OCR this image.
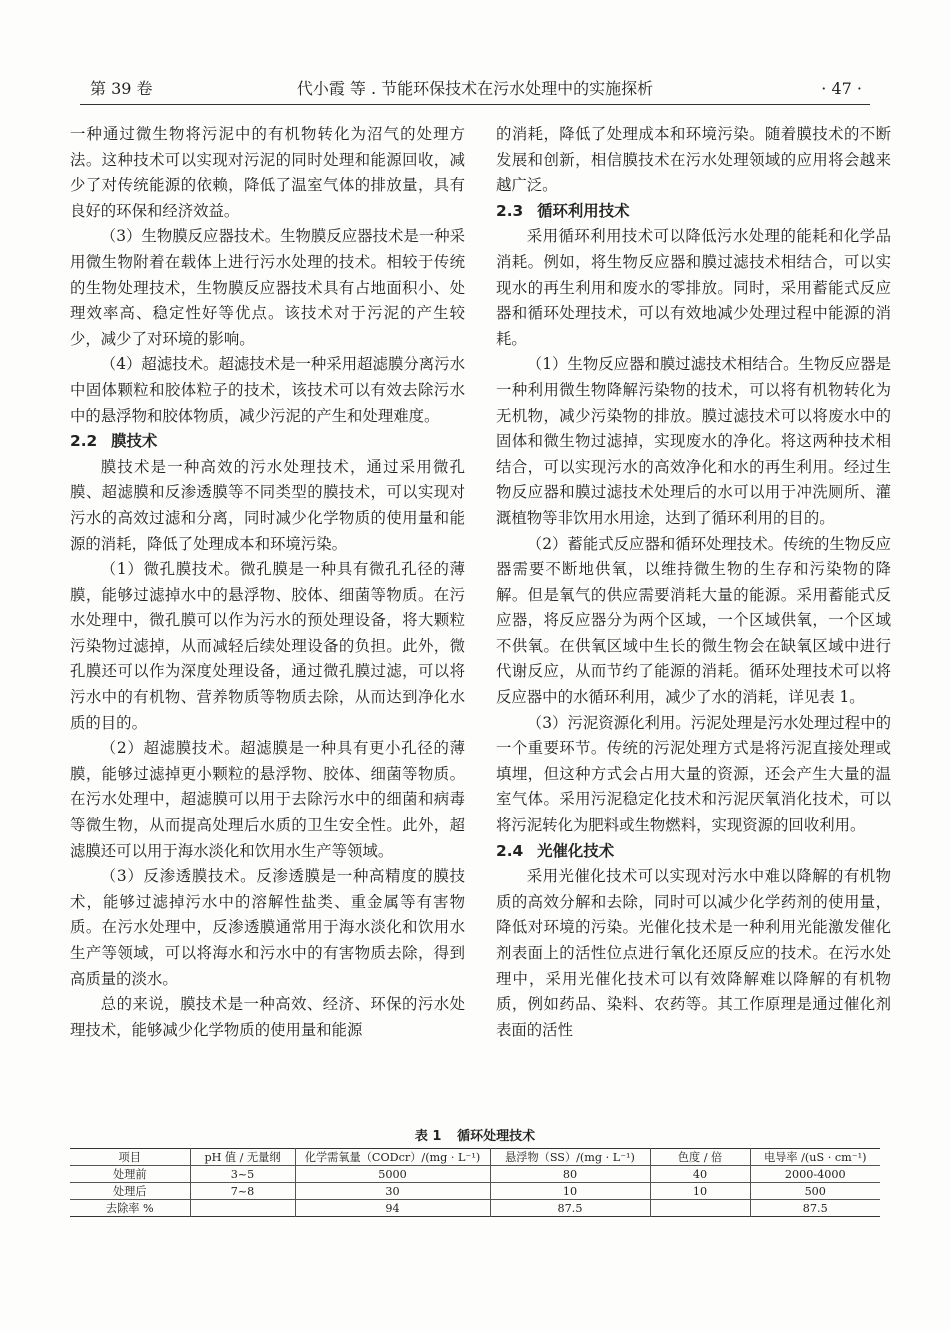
第 39 卷	代小霞 等 . 节能环保技术在污水处理中的实施探析	· 47 ·

一种通过微生物将污泥中的有机物转化为沼气的处理方法。这种技术可以实现对污泥的同时处理和能源回收，减少了对传统能源的依赖，降低了温室气体的排放量，具有良好的环保和经济效益。

（3）生物膜反应器技术。生物膜反应器技术是一种采用微生物附着在载体上进行污水处理的技术。相较于传统的生物处理技术，生物膜反应器技术具有占地面积小、处理效率高、稳定性好等优点。该技术对于污泥的产生较少，减少了对环境的影响。

（4）超滤技术。超滤技术是一种采用超滤膜分离污水中固体颗粒和胶体粒子的技术，该技术可以有效去除污水中的悬浮物和胶体物质，减少污泥的产生和处理难度。

2.2 膜技术

膜技术是一种高效的污水处理技术，通过采用微孔膜、超滤膜和反渗透膜等不同类型的膜技术，可以实现对污水的高效过滤和分离，同时减少化学物质的使用量和能源的消耗，降低了处理成本和环境污染。

（1）微孔膜技术。微孔膜是一种具有微孔孔径的薄膜，能够过滤掉水中的悬浮物、胶体、细菌等物质。在污水处理中，微孔膜可以作为污水的预处理设备，将大颗粒污染物过滤掉，从而减轻后续处理设备的负担。此外，微孔膜还可以作为深度处理设备，通过微孔膜过滤，可以将污水中的有机物、营养物质等物质去除，从而达到净化水质的目的。

（2）超滤膜技术。超滤膜是一种具有更小孔径的薄膜，能够过滤掉更小颗粒的悬浮物、胶体、细菌等物质。在污水处理中，超滤膜可以用于去除污水中的细菌和病毒等微生物，从而提高处理后水质的卫生安全性。此外，超滤膜还可以用于海水淡化和饮用水生产等领域。

（3）反渗透膜技术。反渗透膜是一种高精度的膜技术，能够过滤掉污水中的溶解性盐类、重金属等有害物质。在污水处理中，反渗透膜通常用于海水淡化和饮用水生产等领域，可以将海水和污水中的有害物质去除，得到高质量的淡水。

总的来说，膜技术是一种高效、经济、环保的污水处理技术，能够减少化学物质的使用量和能源

的消耗，降低了处理成本和环境污染。随着膜技术的不断发展和创新，相信膜技术在污水处理领域的应用将会越来越广泛。

2.3 循环利用技术

采用循环利用技术可以降低污水处理的能耗和化学品消耗。例如，将生物反应器和膜过滤技术相结合，可以实现水的再生利用和废水的零排放。同时，采用蓄能式反应器和循环处理技术，可以有效地减少处理过程中能源的消耗。

（1）生物反应器和膜过滤技术相结合。生物反应器是一种利用微生物降解污染物的技术，可以将有机物转化为无机物，减少污染物的排放。膜过滤技术可以将废水中的固体和微生物过滤掉，实现废水的净化。将这两种技术相结合，可以实现污水的高效净化和水的再生利用。经过生物反应器和膜过滤技术处理后的水可以用于冲洗厕所、灌溉植物等非饮用水用途，达到了循环利用的目的。

（2）蓄能式反应器和循环处理技术。传统的生物反应器需要不断地供氧，以维持微生物的生存和污染物的降解。但是氧气的供应需要消耗大量的能源。采用蓄能式反应器，将反应器分为两个区域，一个区域供氧，一个区域不供氧。在供氧区域中生长的微生物会在缺氧区域中进行代谢反应，从而节约了能源的消耗。循环处理技术可以将反应器中的水循环利用，减少了水的消耗，详见表 1。

（3）污泥资源化利用。污泥处理是污水处理过程中的一个重要环节。传统的污泥处理方式是将污泥直接处理或填埋，但这种方式会占用大量的资源，还会产生大量的温室气体。采用污泥稳定化技术和污泥厌氧消化技术，可以将污泥转化为肥料或生物燃料，实现资源的回收利用。

2.4 光催化技术

采用光催化技术可以实现对污水中难以降解的有机物质的高效分解和去除，同时可以减少化学药剂的使用量，降低对环境的污染。光催化技术是一种利用光能激发催化剂表面上的活性位点进行氧化还原反应的技术。在污水处理中，采用光催化技术可以有效降解难以降解的有机物质，例如药品、染料、农药等。其工作原理是通过催化剂表面的活性

表 1 循环处理技术
项目	pH 值 / 无量纲	化学需氧量（CODcr）/(mg · L⁻¹)	悬浮物（SS）/(mg · L⁻¹)	色度 / 倍	电导率 /(uS · cm⁻¹)
处理前	3~5	5000	80	40	2000-4000
处理后	7~8	30	10	10	500
去除率 %		94	87.5		87.5
